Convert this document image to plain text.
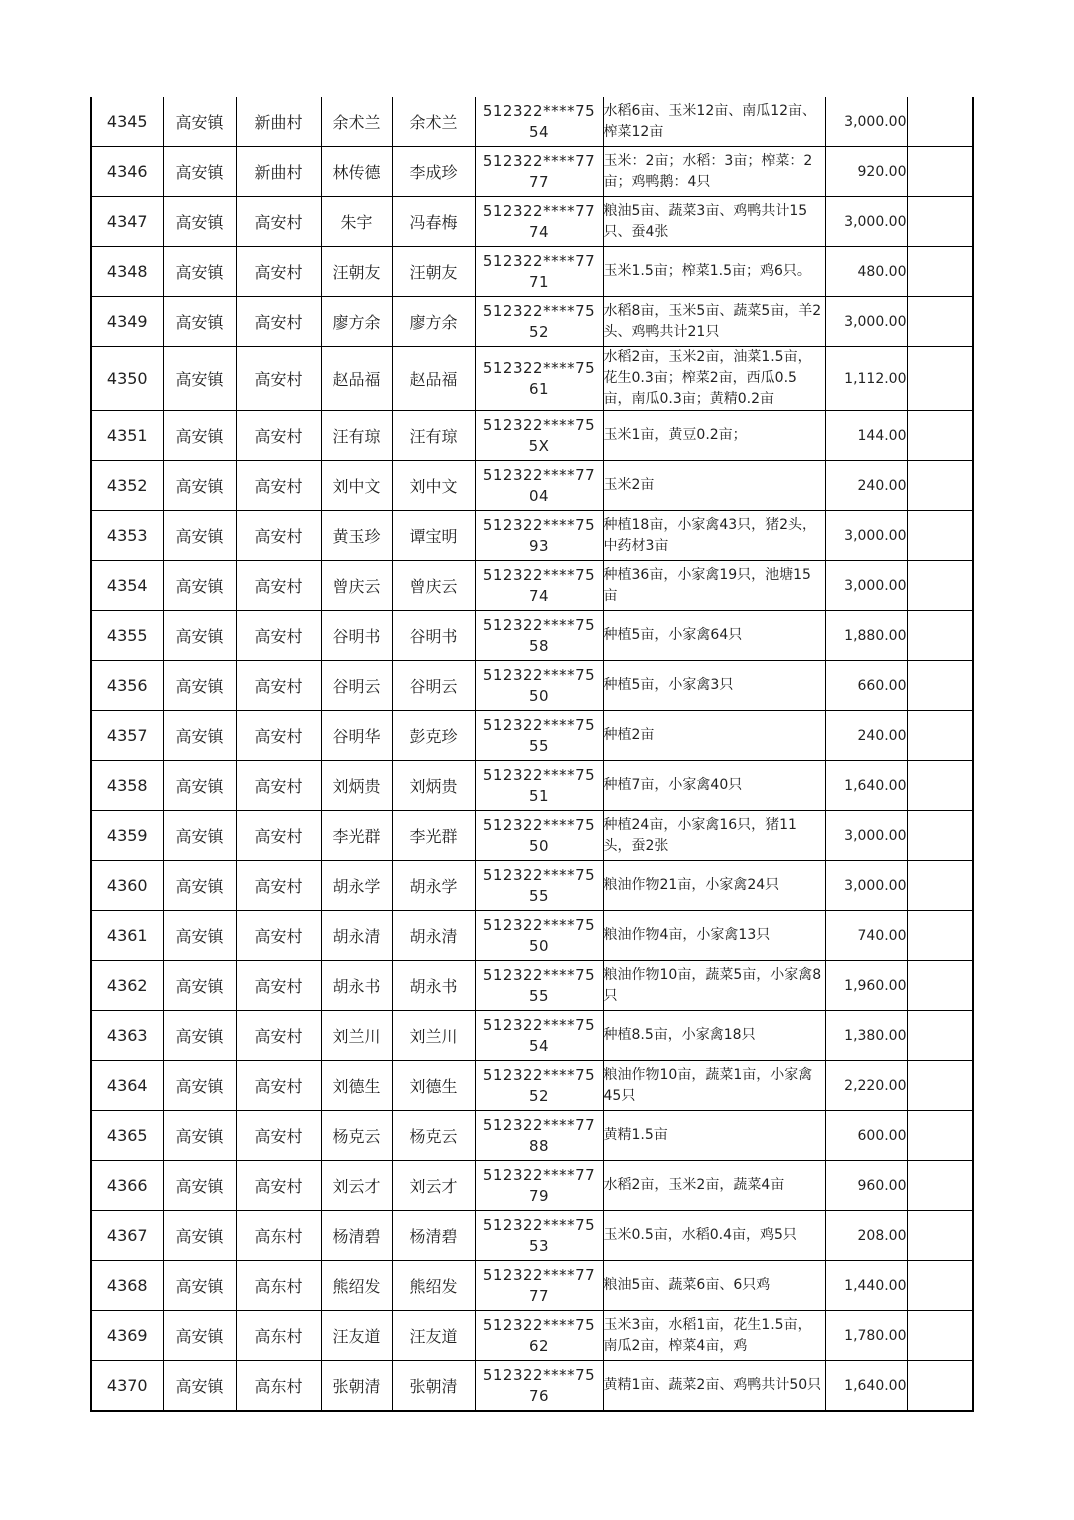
4345	高安镇	新曲村	余术兰	余术兰	512322****7554	水稻6亩、玉米12亩、南瓜12亩、榨菜12亩	3,000.00	
4346	高安镇	新曲村	林传德	李成珍	512322****7777	玉米：2亩；水稻：3亩；榨菜：2亩；鸡鸭鹅：4只	920.00	
4347	高安镇	高安村	朱宇	冯春梅	512322****7774	粮油5亩、蔬菜3亩、鸡鸭共计15只、蚕4张	3,000.00	
4348	高安镇	高安村	汪朝友	汪朝友	512322****7771	玉米1.5亩；榨菜1.5亩；鸡6只。	480.00	
4349	高安镇	高安村	廖方余	廖方余	512322****7552	水稻8亩，玉米5亩、蔬菜5亩，羊2头、鸡鸭共计21只	3,000.00	
4350	高安镇	高安村	赵品福	赵品福	512322****7561	水稻2亩，玉米2亩，油菜1.5亩，花生0.3亩；榨菜2亩，西瓜0.5亩，南瓜0.3亩；黄精0.2亩	1,112.00	
4351	高安镇	高安村	汪有琼	汪有琼	512322****755X	玉米1亩，黄豆0.2亩；	144.00	
4352	高安镇	高安村	刘中文	刘中文	512322****7704	玉米2亩	240.00	
4353	高安镇	高安村	黄玉珍	谭宝明	512322****7593	种植18亩，小家禽43只，猪2头，中药材3亩	3,000.00	
4354	高安镇	高安村	曾庆云	曾庆云	512322****7574	种植36亩，小家禽19只，池塘15亩	3,000.00	
4355	高安镇	高安村	谷明书	谷明书	512322****7558	种植5亩，小家禽64只	1,880.00	
4356	高安镇	高安村	谷明云	谷明云	512322****7550	种植5亩，小家禽3只	660.00	
4357	高安镇	高安村	谷明华	彭克珍	512322****7555	种植2亩	240.00	
4358	高安镇	高安村	刘炳贵	刘炳贵	512322****7551	种植7亩，小家禽40只	1,640.00	
4359	高安镇	高安村	李光群	李光群	512322****7550	种植24亩，小家禽16只，猪11头，蚕2张	3,000.00	
4360	高安镇	高安村	胡永学	胡永学	512322****7555	粮油作物21亩，小家禽24只	3,000.00	
4361	高安镇	高安村	胡永清	胡永清	512322****7550	粮油作物4亩，小家禽13只	740.00	
4362	高安镇	高安村	胡永书	胡永书	512322****7555	粮油作物10亩，蔬菜5亩，小家禽8只	1,960.00	
4363	高安镇	高安村	刘兰川	刘兰川	512322****7554	种植8.5亩，小家禽18只	1,380.00	
4364	高安镇	高安村	刘德生	刘德生	512322****7552	粮油作物10亩，蔬菜1亩，小家禽45只	2,220.00	
4365	高安镇	高安村	杨克云	杨克云	512322****7788	黄精1.5亩	600.00	
4366	高安镇	高安村	刘云才	刘云才	512322****7779	水稻2亩，玉米2亩，蔬菜4亩	960.00	
4367	高安镇	高东村	杨清碧	杨清碧	512322****7553	玉米0.5亩，水稻0.4亩，鸡5只	208.00	
4368	高安镇	高东村	熊绍发	熊绍发	512322****7777	粮油5亩、蔬菜6亩、6只鸡	1,440.00	
4369	高安镇	高东村	汪友道	汪友道	512322****7562	玉米3亩，水稻1亩，花生1.5亩，南瓜2亩，榨菜4亩，鸡	1,780.00	
4370	高安镇	高东村	张朝清	张朝清	512322****7576	黄精1亩、蔬菜2亩、鸡鸭共计50只	1,640.00	
